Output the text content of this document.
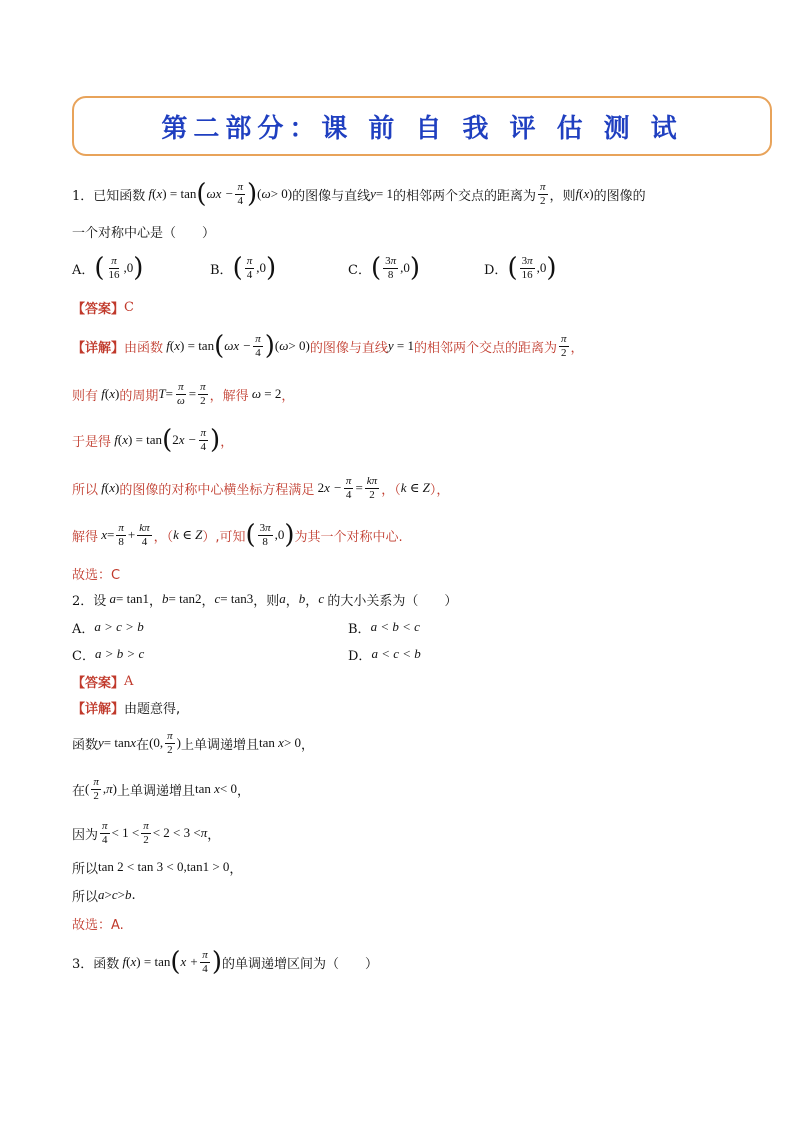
第二部分：课 前 自 我 评 估 测 试
1． 已知函数 f ( x ) = tan ( $\omega x - \frac{\pi}{4}$ ) ( ω > 0) 的图像与直线 y = 1 的相邻两个交点的距离为 $\frac{\pi}{2}$ ，则 f ( x ) 的图像的
一个对称中心是（　　）
A． ( $\frac{\pi}{16} ,0$ )	B． ( $\frac{\pi}{4} ,0$ )	C． ( $\frac{3\pi}{8} ,0$ )	D． ( $\frac{3\pi}{16} ,0$ )
【答案】 C
【详解】 由函数 f ( x ) = tan ( $\omega x - \frac{\pi}{4}$ ) ( ω > 0) 的图像与直线 y = 1 的相邻两个交点的距离为 $\frac{\pi}{2}$ ，
则有 f ( x ) 的周期 $T = \frac{\pi}{\omega} = \frac{\pi}{2}$ ，解得 ω = 2 ，
于是得 f ( x ) = tan ( 2 $x - \frac{\pi}{4}$ ) ，
所以 f ( x ) 的图像的对称中心横坐标方程满足 2 $x - \frac{\pi}{4} = \frac{k\pi}{2}$ ，（ k ∈ Z ），
解得 $x = \frac{\pi}{8} + \frac{k\pi}{4}$ ，（ k ∈ Z ）,可知 ( $\frac{3\pi}{8} ,0$ ) 为其一个对称中心.
故选：C
2． 设 a = tan1 ， b = tan2 ， c = tan3 ，则 a ， b ， c 的大小关系为（　　）
A． a > c > b	B． a < b < c
C． a > b > c	D． a < c < b
【答案】 A
【详解】 由题意得,
函数 y = tan x 在 (0, $\frac{\pi}{2}$ ) 上单调递增且 tan x > 0 ，
在 ( $\frac{\pi}{2}$ , π ) 上单调递增且 tan x < 0 ，
因为 $\frac{\pi}{4} < 1 < \frac{\pi}{2} < 2 < 3 < \pi$ ，
所以 tan 2 < tan 3 < 0,tan1 > 0 ，
所以 a > c > b .
故选：A.
3． 函数 f ( x ) = tan ( $x + \frac{\pi}{4}$ ) 的单调递增区间为（　　）
